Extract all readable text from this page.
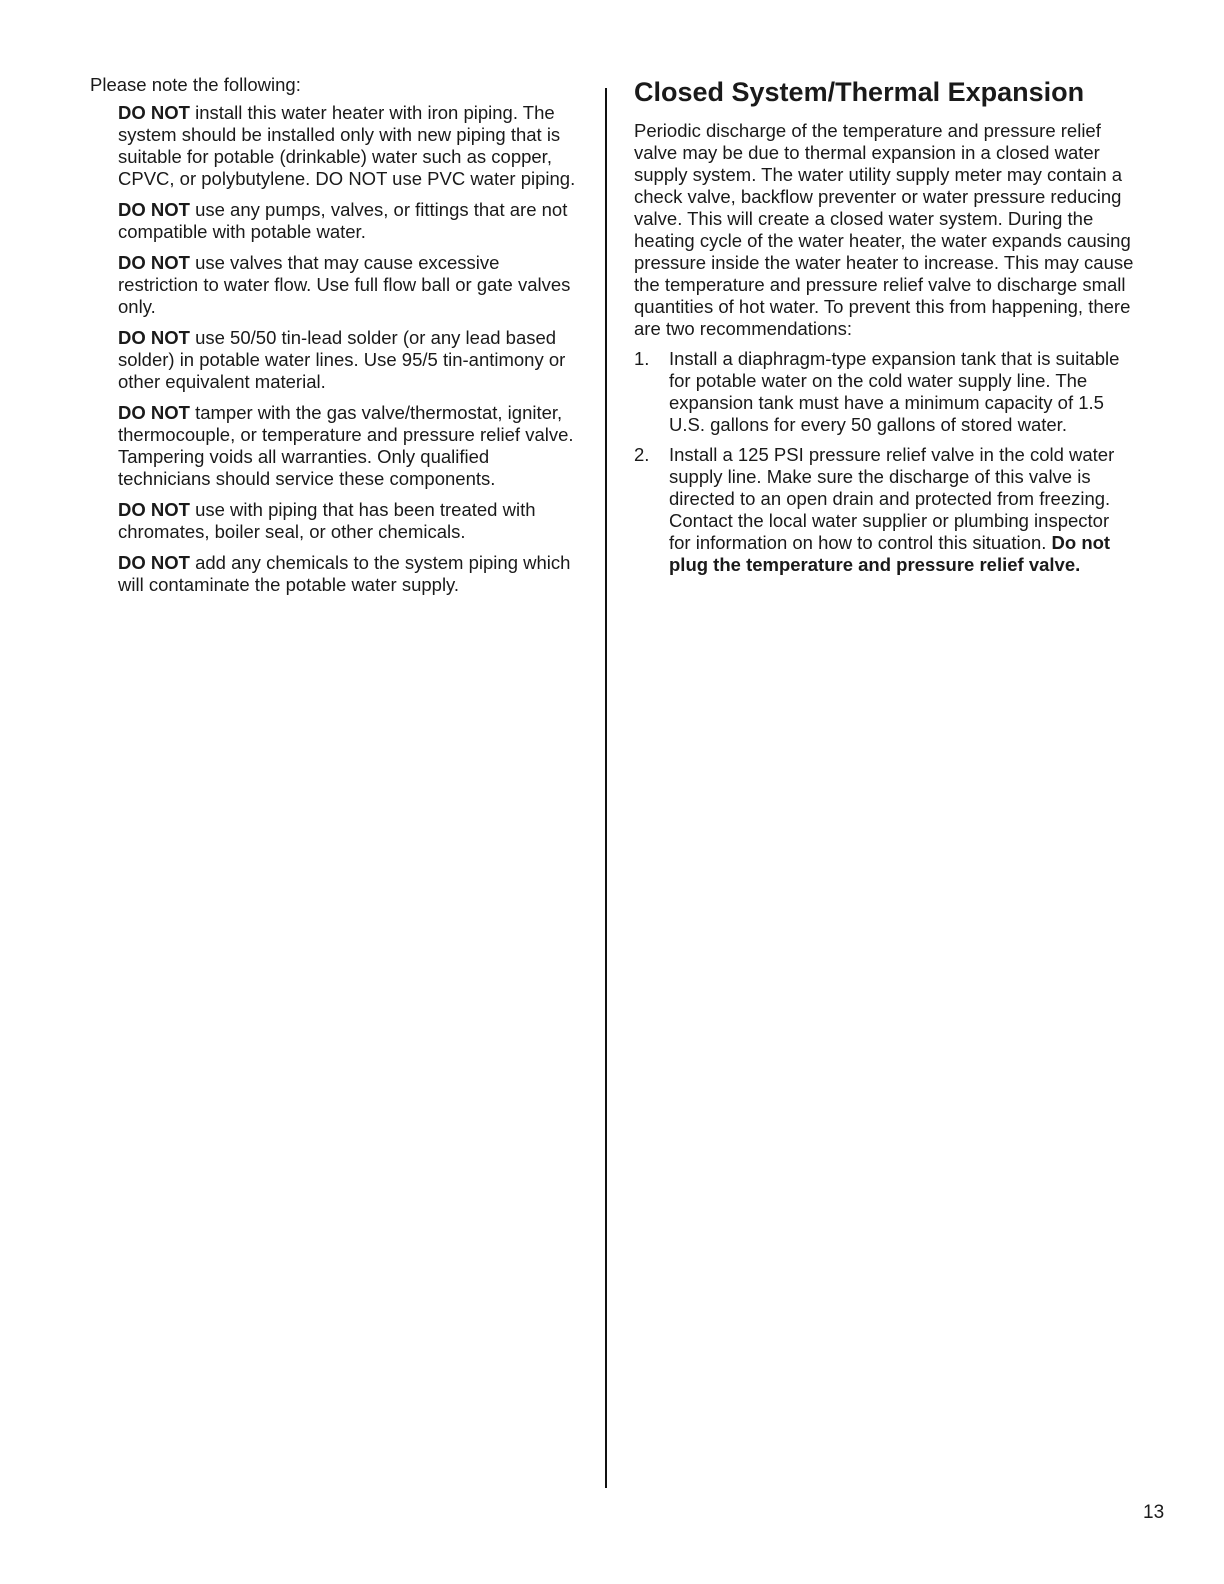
Please note the following:

DO NOT install this water heater with iron piping. The system should be installed only with new piping that is suitable for potable (drinkable) water such as copper, CPVC, or polybutylene. DO NOT use PVC water piping.

DO NOT use any pumps, valves, or fittings that are not compatible with potable water.

DO NOT use valves that may cause excessive restriction to water flow. Use full flow ball or gate valves only.

DO NOT use 50/50 tin-lead solder (or any lead based solder) in potable water lines. Use 95/5 tin-antimony or other equivalent material.

DO NOT tamper with the gas valve/thermostat, igniter, thermocouple, or temperature and pressure relief valve. Tampering voids all warranties. Only qualified technicians should service these components.

DO NOT use with piping that has been treated with chromates, boiler seal, or other chemicals.

DO NOT add any chemicals to the system piping which will contaminate the potable water supply.

Closed System/Thermal Expansion

Periodic discharge of the temperature and pressure relief valve may be due to thermal expansion in a closed water supply system. The water utility supply meter may contain a check valve, backflow preventer or water pressure reducing valve. This will create a closed water system. During the heating cycle of the water heater, the water expands causing pressure inside the water heater to increase. This may cause the temperature and pressure relief valve to discharge small quantities of hot water. To prevent this from happening, there are two recommendations:

1. Install a diaphragm-type expansion tank that is suitable for potable water on the cold water supply line. The expansion tank must have a minimum capacity of 1.5 U.S. gallons for every 50 gallons of stored water.
2. Install a 125 PSI pressure relief valve in the cold water supply line. Make sure the discharge of this valve is directed to an open drain and protected from freezing. Contact the local water supplier or plumbing inspector for information on how to control this situation. Do not plug the temperature and pressure relief valve.
13
